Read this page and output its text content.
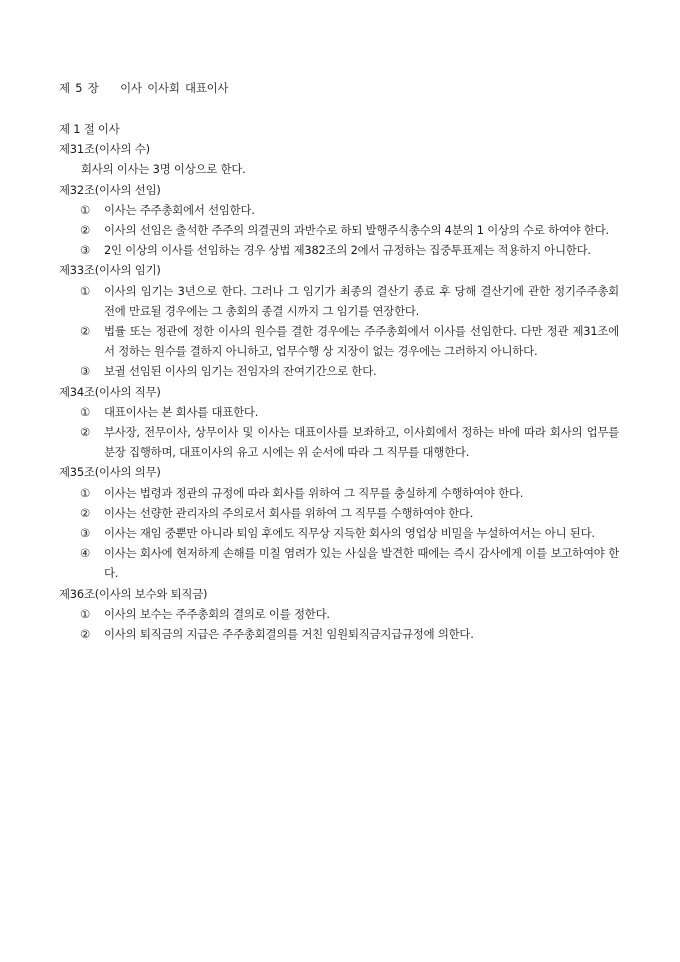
제 5 장    이사 이사회 대표이사
제 1 절 이사
제31조(이사의 수)
회사의 이사는 3명 이상으로 한다.
제32조(이사의 선임)
①	이사는 주주총회에서 선임한다.
②	이사의 선임은 출석한 주주의 의결권의 과반수로 하되 발행주식총수의 4분의 1 이상의 수로 하여야 한다.
③	2인 이상의 이사를 선임하는 경우 상법 제382조의 2에서 규정하는 집중투표제는 적용하지 아니한다.
제33조(이사의 임기)
①	이사의 임기는 3년으로 한다. 그러나 그 임기가 최종의 결산기 종료 후 당해 결산기에 관한 정기주주총회 전에 만료될 경우에는 그 총회의 종결 시까지 그 임기를 연장한다.
②	법률 또는 정관에 정한 이사의 원수를 결한 경우에는 주주총회에서 이사를 선임한다. 다만 정관 제31조에서 정하는 원수를 결하지 아니하고, 업무수행 상 지장이 없는 경우에는 그러하지 아니하다.
③	보궐 선임된 이사의 임기는 전임자의 잔여기간으로 한다.
제34조(이사의 직무)
①	대표이사는 본 회사를 대표한다.
②	부사장, 전무이사, 상무이사 및 이사는 대표이사를 보좌하고, 이사회에서 정하는 바에 따라 회사의 업무를 분장 집행하며, 대표이사의 유고 시에는 위 순서에 따라 그 직무를 대행한다.
제35조(이사의 의무)
①	이사는 법령과 정관의 규정에 따라 회사를 위하여 그 직무를 충실하게 수행하여야 한다.
②	이사는 선량한 관리자의 주의로서 회사를 위하여 그 직무를 수행하여야 한다.
③	이사는 재임 중뿐만 아니라 퇴임 후에도 직무상 지득한 회사의 영업상 비밀을 누설하여서는 아니 된다.
④	이사는 회사에 현저하게 손해를 미칠 염려가 있는 사실을 발견한 때에는 즉시 감사에게 이를 보고하여야 한다.
제36조(이사의 보수와 퇴직금)
①	이사의 보수는 주주총회의 결의로 이를 정한다.
②	이사의 퇴직금의 지급은 주주총회결의를 거친 임원퇴직금지급규정에 의한다.
